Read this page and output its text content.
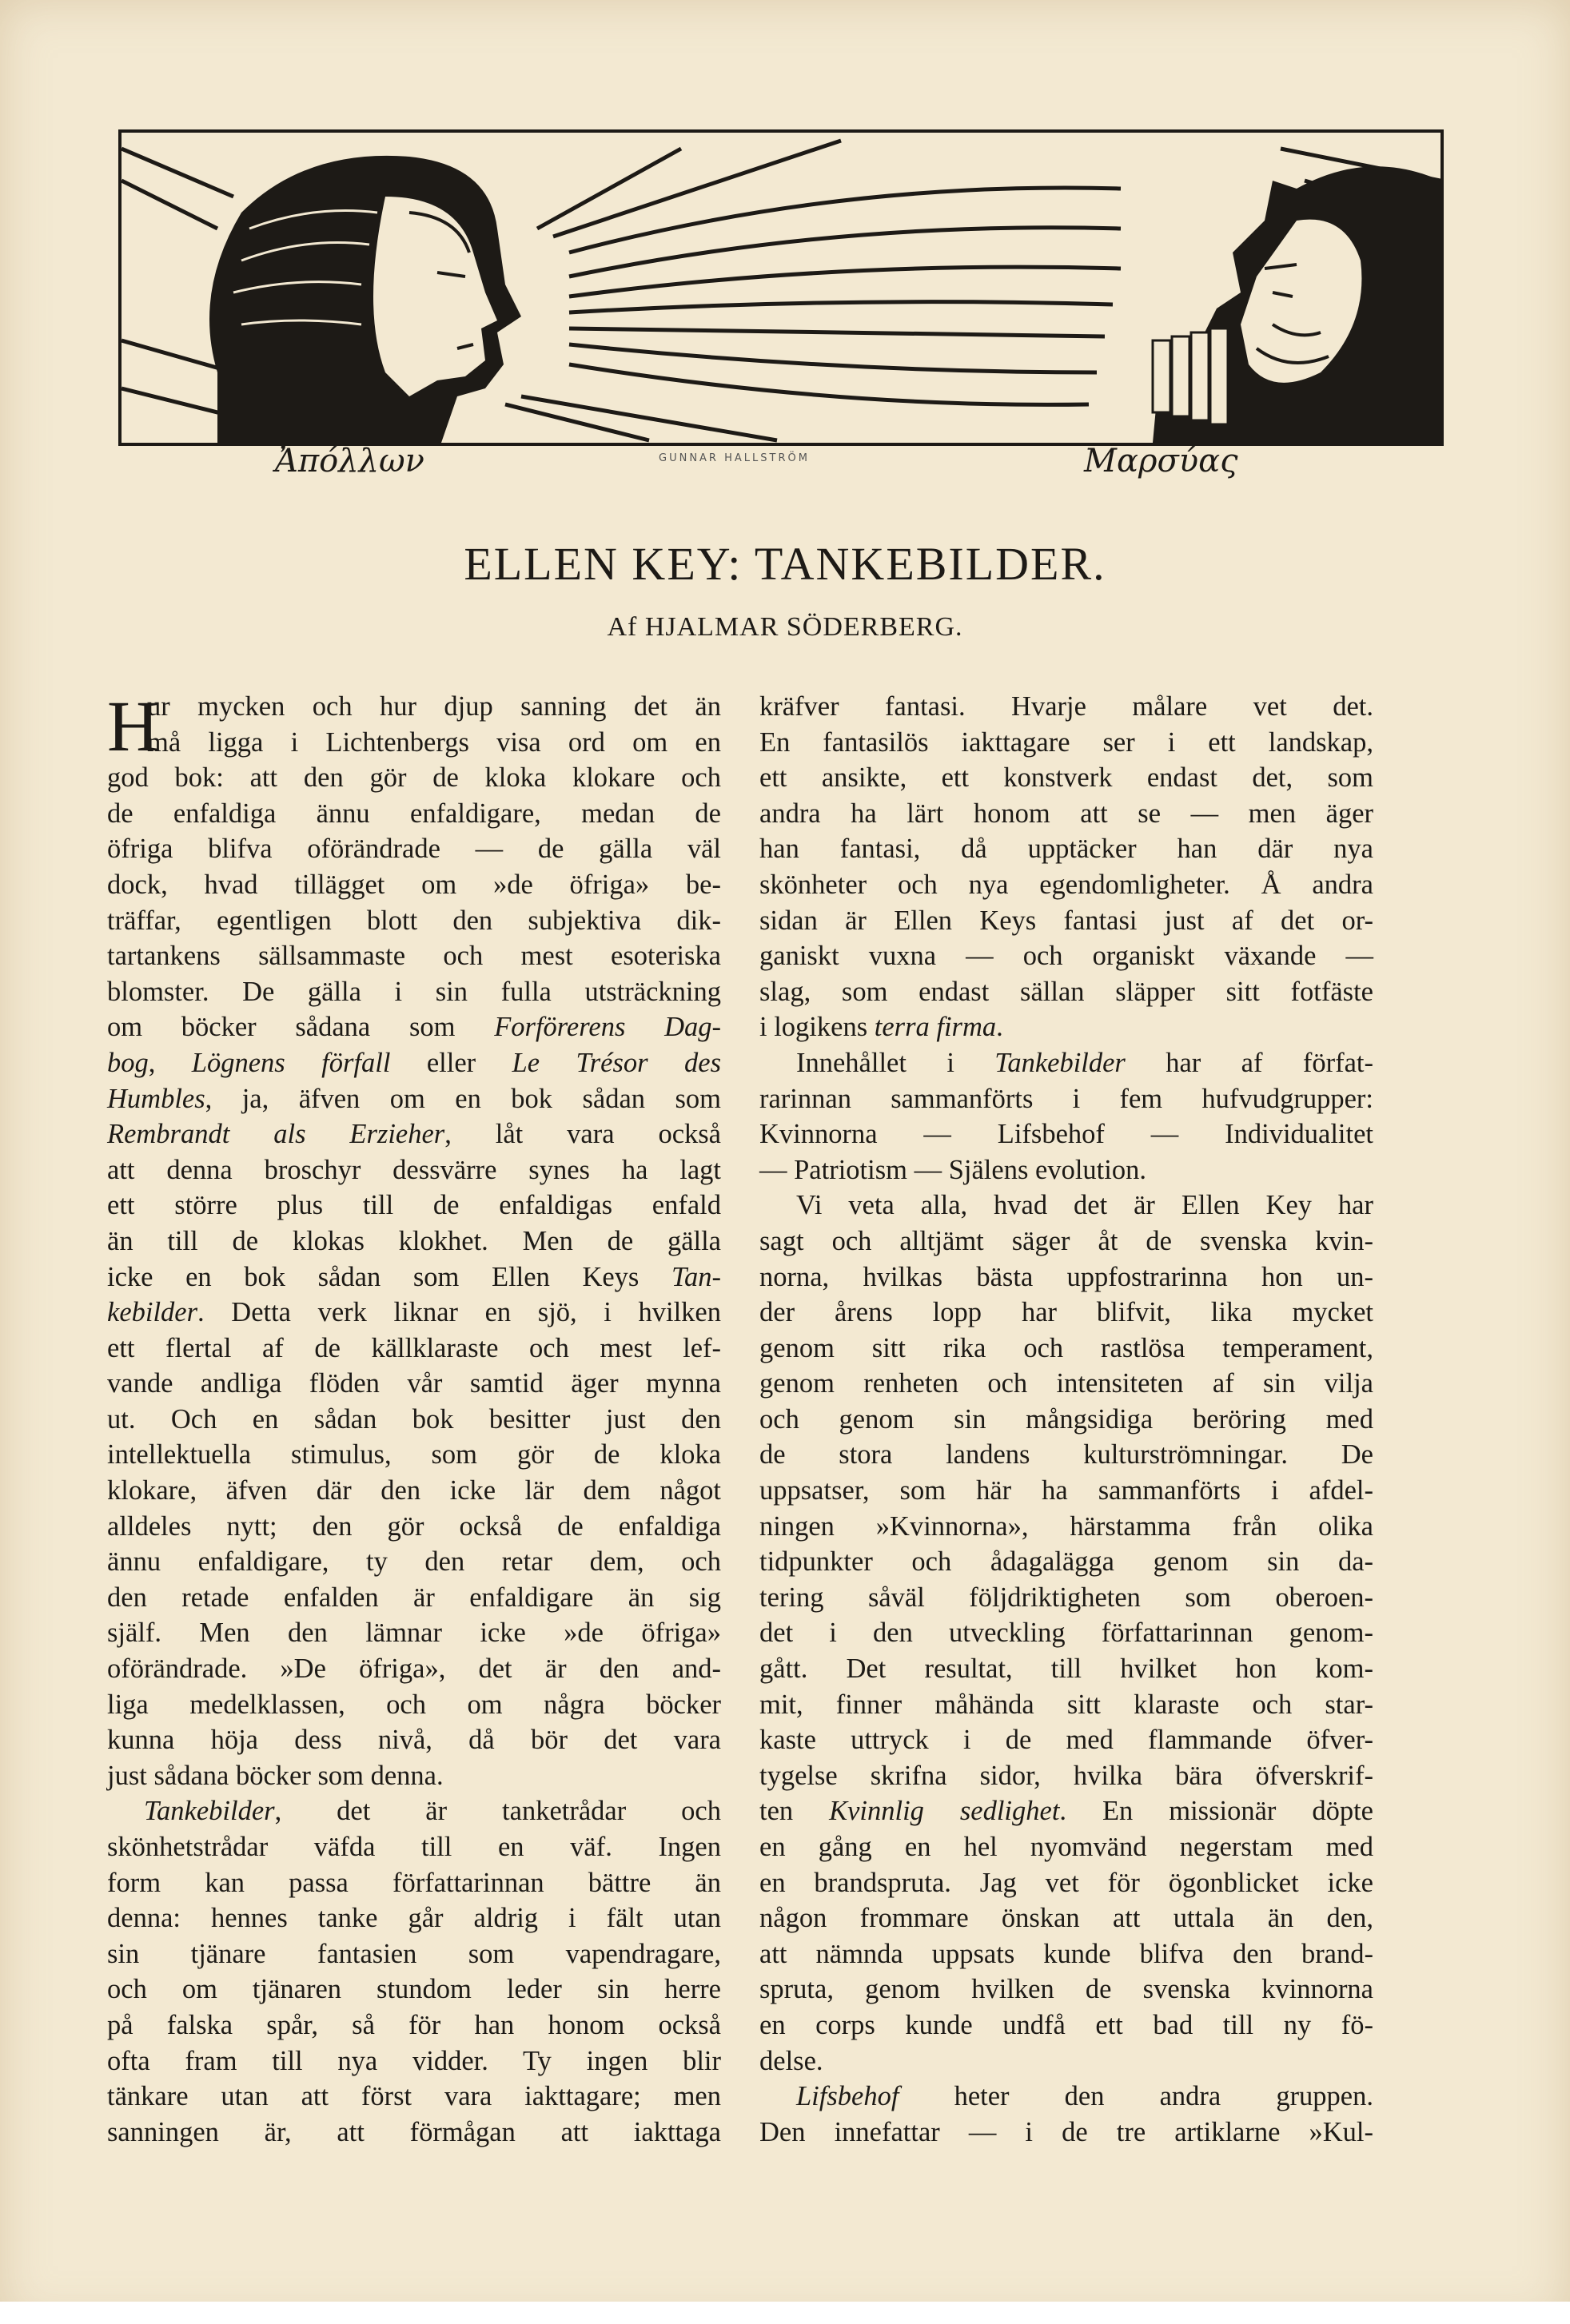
Ἀπόλλων	GUNNAR HALLSTRÖM	Μαρσύας
ELLEN KEY: TANKEBILDER.
Af HJALMAR SÖDERBERG.
H
ur mycken och hur djup sanning det än
må ligga i Lichtenbergs visa ord om en
god bok: att den gör de kloka klokare och
de enfaldiga ännu enfaldigare, medan de
öfriga blifva oförändrade — de gälla väl
dock, hvad tillägget om »de öfriga» be-
träffar, egentligen blott den subjektiva dik-
tartankens sällsammaste och mest esoteriska
blomster. De gälla i sin fulla utsträckning
om böcker sådana som Forförerens Dag-
bog, Lögnens förfall eller Le Trésor des
Humbles, ja, äfven om en bok sådan som
Rembrandt als Erzieher, låt vara också
att denna broschyr dessvärre synes ha lagt
ett större plus till de enfaldigas enfald
än till de klokas klokhet. Men de gälla
icke en bok sådan som Ellen Keys Tan-
kebilder. Detta verk liknar en sjö, i hvilken
ett flertal af de källklaraste och mest lef-
vande andliga flöden vår samtid äger mynna
ut. Och en sådan bok besitter just den
intellektuella stimulus, som gör de kloka
klokare, äfven där den icke lär dem något
alldeles nytt; den gör också de enfaldiga
ännu enfaldigare, ty den retar dem, och
den retade enfalden är enfaldigare än sig
själf. Men den lämnar icke »de öfriga»
oförändrade. »De öfriga», det är den and-
liga medelklassen, och om några böcker
kunna höja dess nivå, då bör det vara
just sådana böcker som denna.
Tankebilder, det är tanketrådar och
skönhetstrådar väfda till en väf. Ingen
form kan passa författarinnan bättre än
denna: hennes tanke går aldrig i fält utan
sin tjänare fantasien som vapendragare,
och om tjänaren stundom leder sin herre
på falska spår, så för han honom också
ofta fram till nya vidder. Ty ingen blir
tänkare utan att först vara iakttagare; men
sanningen är, att förmågan att iakttaga
kräfver fantasi. Hvarje målare vet det.
En fantasilös iakttagare ser i ett landskap,
ett ansikte, ett konstverk endast det, som
andra ha lärt honom att se — men äger
han fantasi, då upptäcker han där nya
skönheter och nya egendomligheter. Å andra
sidan är Ellen Keys fantasi just af det or-
ganiskt vuxna — och organiskt växande —
slag, som endast sällan släpper sitt fotfäste
i logikens terra firma.
Innehållet i Tankebilder har af förfat-
rarinnan sammanförts i fem hufvudgrupper:
Kvinnorna — Lifsbehof — Individualitet
— Patriotism — Själens evolution.
Vi veta alla, hvad det är Ellen Key har
sagt och alltjämt säger åt de svenska kvin-
norna, hvilkas bästa uppfostrarinna hon un-
der årens lopp har blifvit, lika mycket
genom sitt rika och rastlösa temperament,
genom renheten och intensiteten af sin vilja
och genom sin mångsidiga beröring med
de stora landens kulturströmningar. De
uppsatser, som här ha sammanförts i afdel-
ningen »Kvinnorna», härstamma från olika
tidpunkter och ådagalägga genom sin da-
tering såväl följdriktigheten som oberoen-
det i den utveckling författarinnan genom-
gått. Det resultat, till hvilket hon kom-
mit, finner måhända sitt klaraste och star-
kaste uttryck i de med flammande öfver-
tygelse skrifna sidor, hvilka bära öfverskrif-
ten Kvinnlig sedlighet. En missionär döpte
en gång en hel nyomvänd negerstam med
en brandspruta. Jag vet för ögonblicket icke
någon frommare önskan att uttala än den,
att nämnda uppsats kunde blifva den brand-
spruta, genom hvilken de svenska kvinnorna
en corps kunde undfå ett bad till ny fö-
delse.
Lifsbehof heter den andra gruppen.
Den innefattar — i de tre artiklarne »Kul-
